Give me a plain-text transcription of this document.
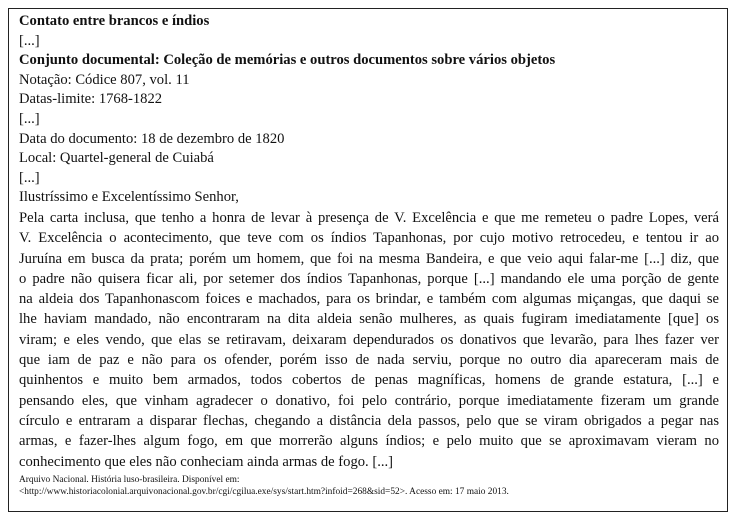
Contato entre brancos e índios
[...]
Conjunto documental: Coleção de memórias e outros documentos sobre vários objetos
Notação: Códice 807, vol. 11
Datas-limite: 1768-1822
[...]
Data do documento: 18 de dezembro de 1820
Local: Quartel-general de Cuiabá
[...]
Ilustríssimo e Excelentíssimo Senhor,
Pela carta inclusa, que tenho a honra de levar à presença de V. Excelência e que me remeteu o padre Lopes, verá
V. Excelência o acontecimento, que teve com os índios Tapanhonas, por cujo motivo retrocedeu, e tentou ir ao
Juruína em busca da prata; porém um homem, que foi na mesma Bandeira, e que veio aqui falar-me [...] diz, que
o padre não quisera ficar ali, por setemer dos índios Tapanhonas, porque [...] mandando ele uma porção de gente
na aldeia dos Tapanhonascom foices e machados, para os brindar, e também com algumas miçangas, que daqui se
lhe haviam mandado, não encontraram na dita aldeia senão mulheres, as quais fugiram imediatamente [que] os
viram; e eles vendo, que elas se retiravam, deixaram dependurados os donativos que levarão, para lhes fazer ver
que iam de paz e não para os ofender, porém isso de nada serviu, porque no outro dia apareceram mais de
quinhentos e muito bem armados, todos cobertos de penas magníficas, homens de grande estatura, [...] e
pensando eles, que vinham agradecer o donativo, foi pelo contrário, porque imediatamente fizeram um grande
círculo e entraram a disparar flechas, chegando a distância dela passos, pelo que se viram obrigados a pegar nas
armas, e fazer-lhes algum fogo, em que morrerão alguns índios; e pelo muito que se aproximavam vieram no
conhecimento que eles não conheciam ainda armas de fogo. [...]
Arquivo Nacional. História luso-brasileira. Disponível em:
<http://www.historiacolonial.arquivonacional.gov.br/cgi/cgilua.exe/sys/start.htm?infoid=268&sid=52>. Acesso em: 17 maio 2013.
